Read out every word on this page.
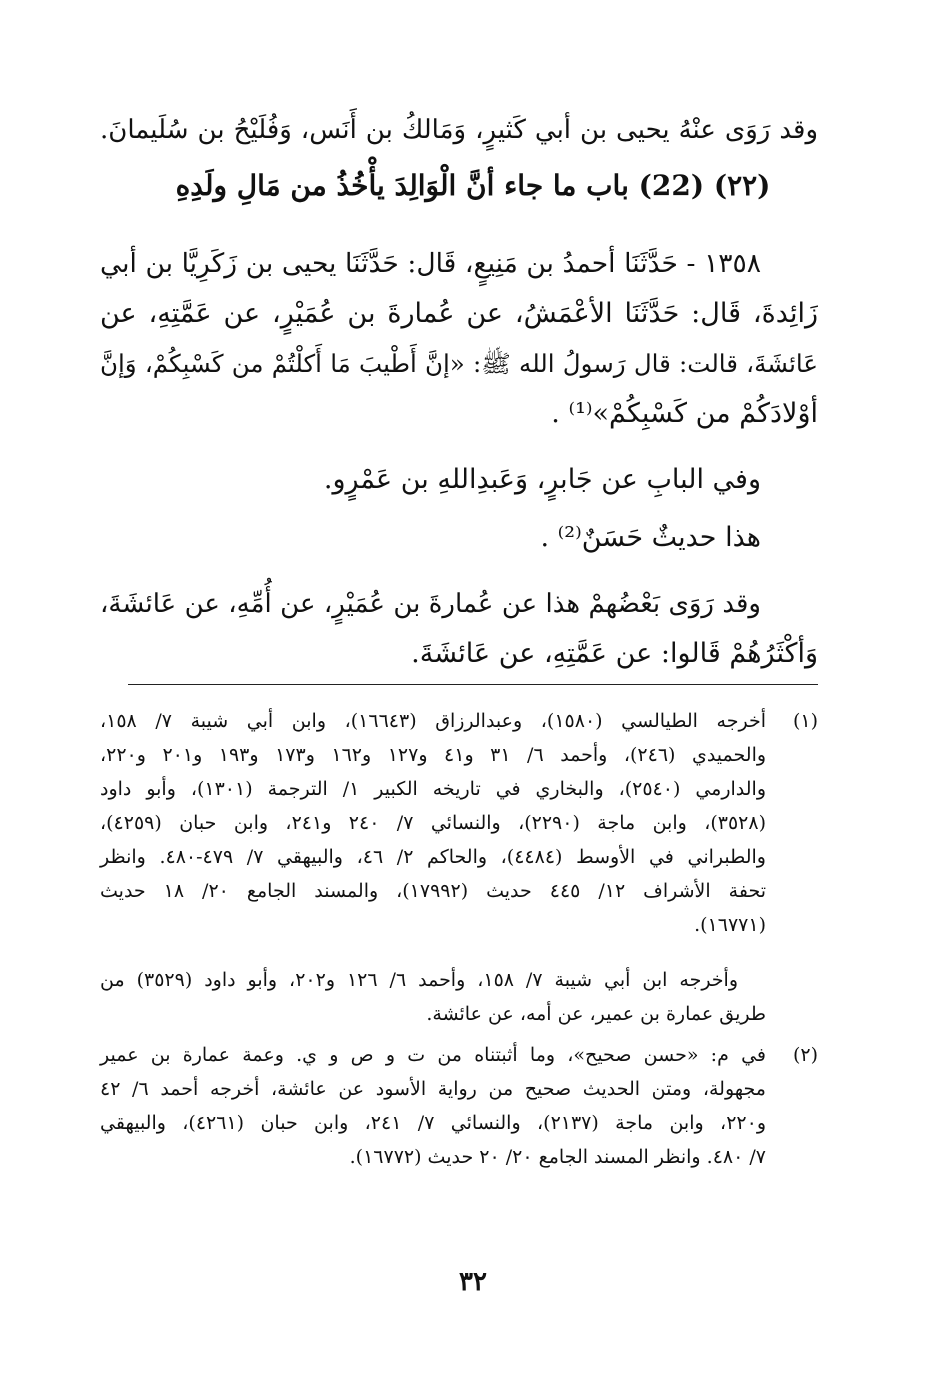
وقد رَوَى عنْهُ يحيى بن أبي كَثيرٍ، وَمَالكُ بن أَنَس، وَفُلَيْحُ بن سُلَيمانَ.
(٢٢) (22) باب ما جاء أنَّ الْوَالِدَ يأْخُذُ من مَالِ ولَدِهِ
١٣٥٨ - حَدَّثَنَا أحمدُ بن مَنِيعٍ، قَال: حَدَّثَنَا يحيى بن زَكَرِيَّا بن أبي
زَائِدةَ، قَال: حَدَّثَنَا الأعْمَشُ، عن عُمارةَ بن عُمَيْرٍ، عن عَمَّتِهِ، عن
عَائشَةَ، قالت: قال رَسولُ الله ﷺ: «إنَّ أَطْيبَ مَا أَكلْتُمْ من كَسْبِكُمْ، وَإنَّ
أوْلادَكُمْ من كَسْبِكُمْ»⁽¹⁾ .
وفي البابِ عن جَابرٍ، وَعَبدِاللهِ بن عَمْرٍو.
هذا حديثٌ حَسَنٌ⁽²⁾ .
وقد رَوَى بَعْضُهمْ هذا عن عُمارةَ بن عُمَيْرٍ، عن أُمِّهِ، عن عَائشَةَ،
وَأكْثَرُهُمْ قَالوا: عن عَمَّتِهِ، عن عَائشَةَ.
(١)
أخرجه الطيالسي (١٥٨٠)، وعبدالرزاق (١٦٦٤٣)، وابن أبي شيبة ٧/ ١٥٨،
والحميدي (٢٤٦)، وأحمد ٦/ ٣١ و٤١ و١٢٧ و١٦٢ و١٧٣ و١٩٣ و٢٠١ و٢٢٠،
والدارمي (٢٥٤٠)، والبخاري في تاريخه الكبير ١/ الترجمة (١٣٠١)، وأبو داود
(٣٥٢٨)، وابن ماجة (٢٢٩٠)، والنسائي ٧/ ٢٤٠ و٢٤١، وابن حبان (٤٢٥٩)،
والطبراني في الأوسط (٤٤٨٤)، والحاكم ٢/ ٤٦، والبيهقي ٧/ ٤٧٩-٤٨٠. وانظر
تحفة الأشراف ١٢/ ٤٤٥ حديث (١٧٩٩٢)، والمسند الجامع ٢٠/ ١٨ حديث
(١٦٧٧١).
وأخرجه ابن أبي شيبة ٧/ ١٥٨، وأحمد ٦/ ١٢٦ و٢٠٢، وأبو داود (٣٥٢٩) من
طريق عمارة بن عمير، عن أمه، عن عائشة.
(٢)
في م: «حسن صحيح»، وما أثبتناه من ت و ص و ي. وعمة عمارة بن عمير
مجهولة، ومتن الحديث صحيح من رواية الأسود عن عائشة، أخرجه أحمد ٦/ ٤٢
و٢٢٠، وابن ماجة (٢١٣٧)، والنسائي ٧/ ٢٤١، وابن حبان (٤٢٦١)، والبيهقي
٧/ ٤٨٠. وانظر المسند الجامع ٢٠/ ٢٠ حديث (١٦٧٧٢).
٣٢
